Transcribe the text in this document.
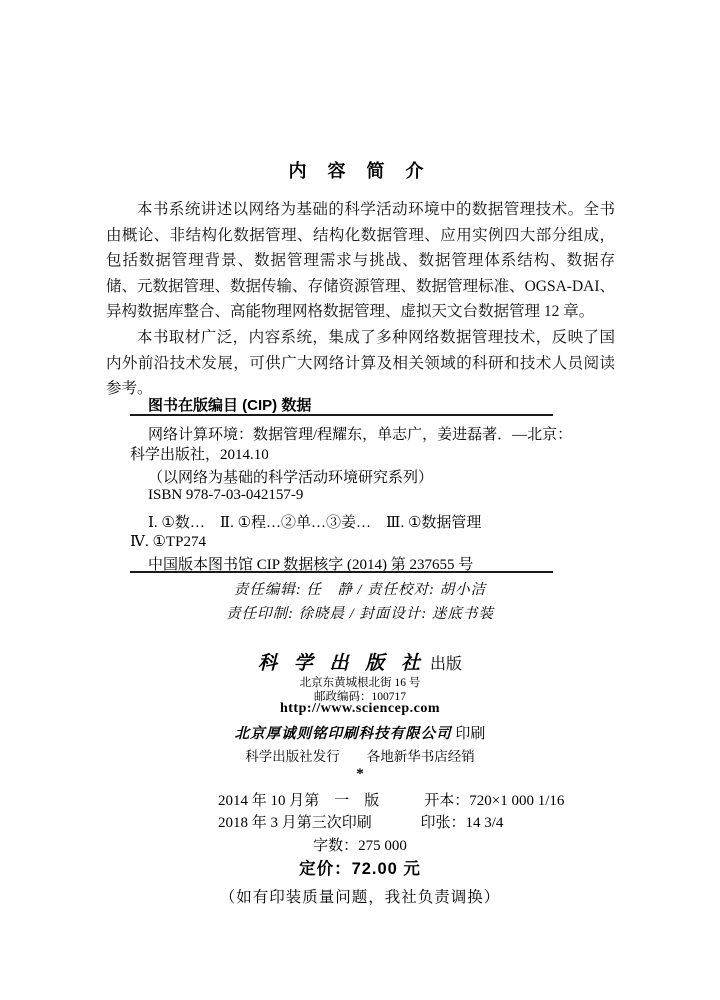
内 容 简 介

本书系统讲述以网络为基础的科学活动环境中的数据管理技术。全书由概论、非结构化数据管理、结构化数据管理、应用实例四大部分组成，包括数据管理背景、数据管理需求与挑战、数据管理体系结构、数据存储、元数据管理、数据传输、存储资源管理、数据管理标准、OGSA-DAI、异构数据库整合、高能物理网格数据管理、虚拟天文台数据管理 12 章。

本书取材广泛，内容系统，集成了多种网络数据管理技术，反映了国内外前沿技术发展，可供广大网络计算及相关领域的科研和技术人员阅读参考。

图书在版编目 (CIP) 数据
网络计算环境：数据管理/程耀东，单志广，姜进磊著．—北京：
科学出版社，2014.10
（以网络为基础的科学活动环境研究系列）
ISBN 978-7-03-042157-9
Ⅰ. ①数…　Ⅱ. ①程…②单…③姜…　Ⅲ. ①数据管理
Ⅳ. ①TP274
中国版本图书馆 CIP 数据核字 (2014) 第 237655 号
责任编辑: 任　静 / 责任校对: 胡小洁
责任印制: 徐晓晨 / 封面设计: 迷底书装
科 学 出 版 社 出版
北京东黄城根北街 16 号
邮政编码：100717
http://www.sciencep.com
北京厚诚则铭印刷科技有限公司 印刷
科学出版社发行　　各地新华书店经销
*
2014 年 10 月第　一　版　　　开本：720×1 000 1/16
2018 年 3 月第三次印刷　　　 印张：14 3/4
字数：275 000
定价：72.00 元
（如有印装质量问题，我社负责调换）
